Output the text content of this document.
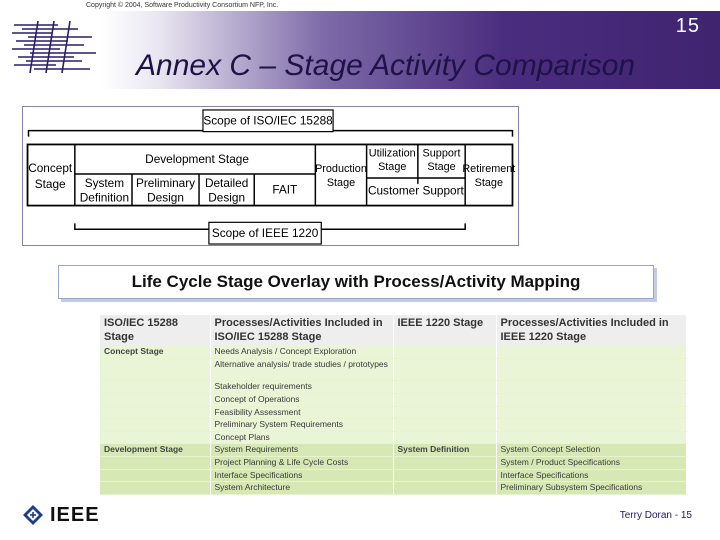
Copyright © 2004, Software Productivity Consortium NFP, Inc.
15
Annex C – Stage Activity Comparison
Scope of ISO/IEC 15288
Scope of IEEE 1220
Concept
Stage
Development Stage
System
Definition
Preliminary
Design
Detailed
Design
FAIT
Production
Stage
Utilization
Stage
Support
Stage
Customer Support
Retirement
Stage
Life Cycle Stage Overlay with Process/Activity Mapping
ISO/IEC 15288 Stage	Processes/Activities Included in ISO/IEC 15288 Stage	IEEE 1220 Stage	Processes/Activities Included in IEEE 1220 Stage
Concept Stage	Needs Analysis / Concept Exploration		
	Alternative analysis/ trade studies / prototypes		
	Stakeholder requirements		
	Concept of Operations		
	Feasibility Assessment		
	Preliminary System Requirements		
	Concept Plans		
Development Stage	System Requirements	System Definition	System Concept Selection
	Project Planning & Life Cycle Costs		System / Product Specifications
	Interface Specifications		Interface Specifications
	System Architecture		Preliminary Subsystem Specifications
IEEE	Terry Doran - 15
